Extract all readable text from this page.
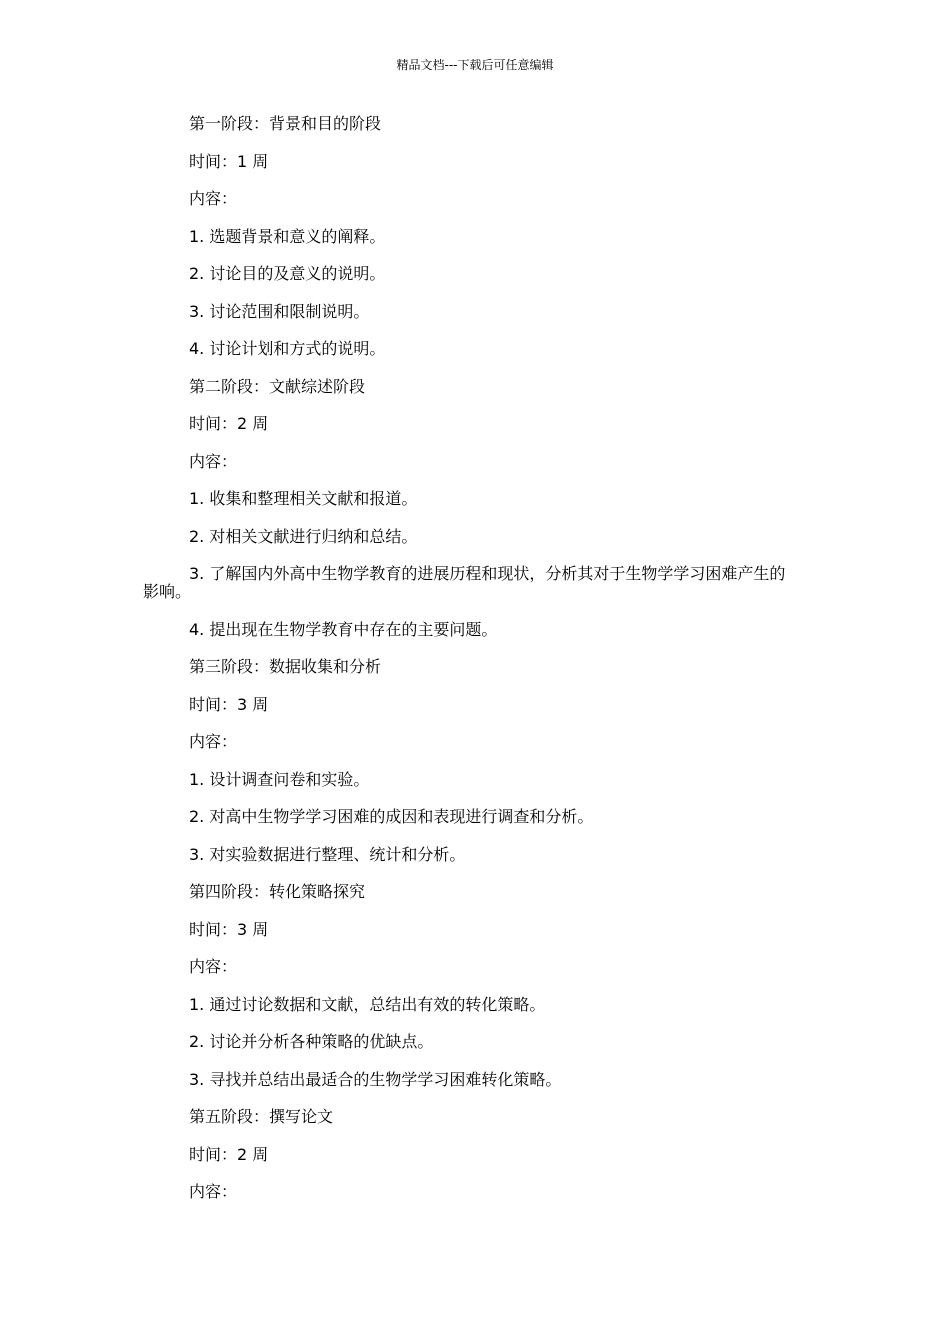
精品文档---下载后可任意编辑

第一阶段：背景和目的阶段

时间：1 周

内容：

1. 选题背景和意义的阐释。

2. 讨论目的及意义的说明。

3. 讨论范围和限制说明。

4. 讨论计划和方式的说明。

第二阶段：文献综述阶段

时间：2 周

内容：

1. 收集和整理相关文献和报道。

2. 对相关文献进行归纳和总结。

3. 了解国内外高中生物学教育的进展历程和现状，分析其对于生物学学习困难产生的影响。

4. 提出现在生物学教育中存在的主要问题。

第三阶段：数据收集和分析

时间：3 周

内容：

1. 设计调查问卷和实验。

2. 对高中生物学学习困难的成因和表现进行调查和分析。

3. 对实验数据进行整理、统计和分析。

第四阶段：转化策略探究

时间：3 周

内容：

1. 通过讨论数据和文献，总结出有效的转化策略。

2. 讨论并分析各种策略的优缺点。

3. 寻找并总结出最适合的生物学学习困难转化策略。

第五阶段：撰写论文

时间：2 周

内容：
